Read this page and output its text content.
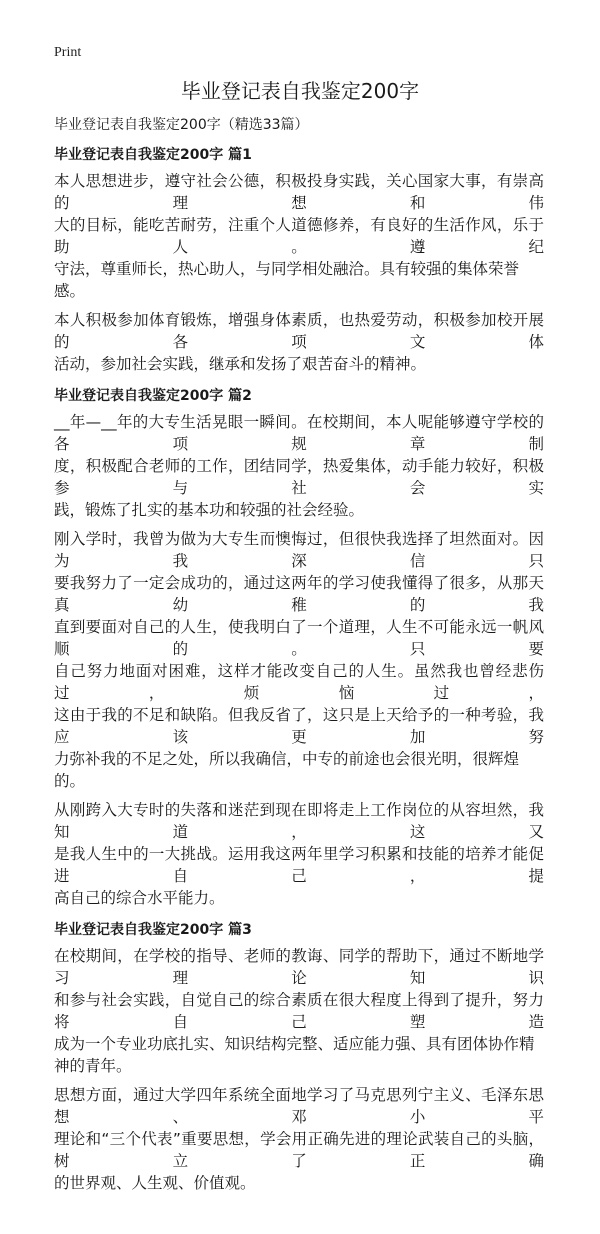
Print
毕业登记表自我鉴定200字
毕业登记表自我鉴定200字（精选33篇）
毕业登记表自我鉴定200字 篇1
本人思想进步，遵守社会公德，积极投身实践，关心国家大事，有崇高的理想和伟
大的目标，能吃苦耐劳，注重个人道德修养，有良好的生活作风，乐于助人。遵纪
守法，尊重师长，热心助人，与同学相处融洽。具有较强的集体荣誉感。
本人积极参加体育锻炼，增强身体素质，也热爱劳动，积极参加校开展的各项文体
活动，参加社会实践，继承和发扬了艰苦奋斗的精神。
毕业登记表自我鉴定200字 篇2
__年—__年的大专生活晃眼一瞬间。在校期间，本人呢能够遵守学校的各项规章制
度，积极配合老师的工作，团结同学，热爱集体，动手能力较好，积极参与社会实
践，锻炼了扎实的基本功和较强的社会经验。
刚入学时，我曾为做为大专生而懊悔过，但很快我选择了坦然面对。因为我深信只
要我努力了一定会成功的，通过这两年的学习使我懂得了很多，从那天真幼稚的我
直到要面对自己的人生，使我明白了一个道理，人生不可能永远一帆风顺的。只要
自己努力地面对困难，这样才能改变自己的人生。虽然我也曾经悲伤过，烦恼过，
这由于我的不足和缺陷。但我反省了，这只是上天给予的一种考验，我应该更加努
力弥补我的不足之处，所以我确信，中专的前途也会很光明，很辉煌的。
从刚跨入大专时的失落和迷茫到现在即将走上工作岗位的从容坦然，我知道，这又
是我人生中的一大挑战。运用我这两年里学习积累和技能的培养才能促进自己，提
高自己的综合水平能力。
毕业登记表自我鉴定200字 篇3
在校期间，在学校的指导、老师的教诲、同学的帮助下，通过不断地学习理论知识
和参与社会实践，自觉自己的综合素质在很大程度上得到了提升，努力将自己塑造
成为一个专业功底扎实、知识结构完整、适应能力强、具有团体协作精神的青年。
思想方面，通过大学四年系统全面地学习了马克思列宁主义、毛泽东思想、邓小平
理论和“三个代表”重要思想，学会用正确先进的理论武装自己的头脑，树立了正确
的世界观、人生观、价值观。
